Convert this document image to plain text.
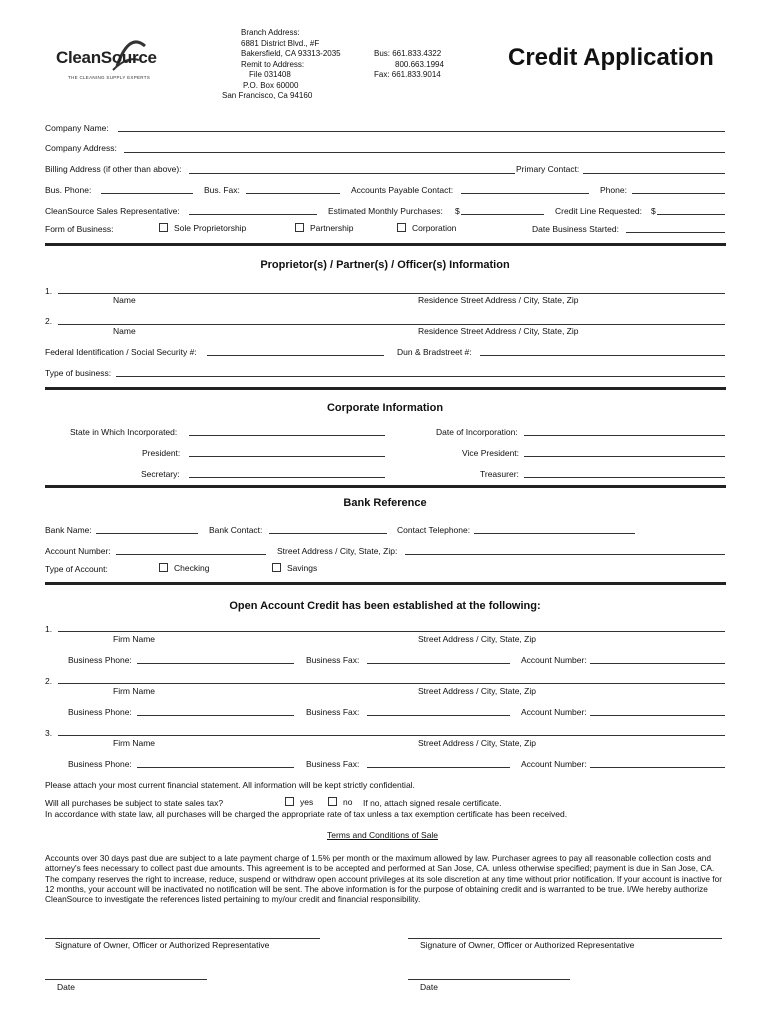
CleanSource
THE CLEANING SUPPLY EXPERTS
Branch Address:
6881 District Blvd., #F
Bakersfield, CA 93313-2035
Remit to Address:
File 031408
P.O. Box 60000
San Francisco, Ca 94160
Bus: 661.833.4322
800.663.1994
Fax: 661.833.9014
Credit Application
Company Name:
Company Address:
Billing Address (if other than above):	Primary Contact:
Bus. Phone:	Bus. Fax:	Accounts Payable Contact:	Phone:
CleanSource Sales Representative:	Estimated Monthly Purchases: $	Credit Line Requested: $
Form of Business:	Sole Proprietorship	Partnership	Corporation	Date Business Started:
Proprietor(s) / Partner(s) / Officer(s) Information
1.
Name	Residence Street Address / City, State, Zip
2.
Name	Residence Street Address / City, State, Zip
Federal Identification / Social Security #:	Dun & Bradstreet #:
Type of business:
Corporate Information
State in Which Incorporated:	Date of Incorporation:
President:	Vice President:
Secretary:	Treasurer:
Bank Reference
Bank Name:	Bank Contact:	Contact Telephone:
Account Number:	Street Address / City, State, Zip:
Type of Account:	Checking	Savings
Open Account Credit has been established at the following:
1.
Firm Name	Street Address / City, State, Zip
Business Phone:	Business Fax:	Account Number:
2.
Firm Name	Street Address / City, State, Zip
Business Phone:	Business Fax:	Account Number:
3.
Firm Name	Street Address / City, State, Zip
Business Phone:	Business Fax:	Account Number:
Please attach your most current financial statement. All information will be kept strictly confidential.
Will all purchases be subject to state sales tax?	yes	no If no, attach signed resale certificate.
In accordance with state law, all purchases will be charged the appropriate rate of tax unless a tax exemption certificate has been received.
Terms and Conditions of Sale
Accounts over 30 days past due are subject to a late payment charge of 1.5% per month or the maximum allowed by law. Purchaser agrees to pay all reasonable collection costs and attorney's fees necessary to collect past due amounts. This agreement is to be accepted and performed at San Jose, CA. unless otherwise specified; payment is due in San Jose, CA. The company reserves the right to increase, reduce, suspend or withdraw open account privileges at its sole discretion at any time without prior notification. If your account is inactive for 12 months, your account will be inactivated no notification will be sent. The above information is for the purpose of obtaining credit and is warranted to be true. I/We hereby authorize CleanSource to investigate the references listed pertaining to my/our credit and financial responsibility.
Signature of Owner, Officer or Authorized Representative	Signature of Owner, Officer or Authorized Representative
Date	Date
